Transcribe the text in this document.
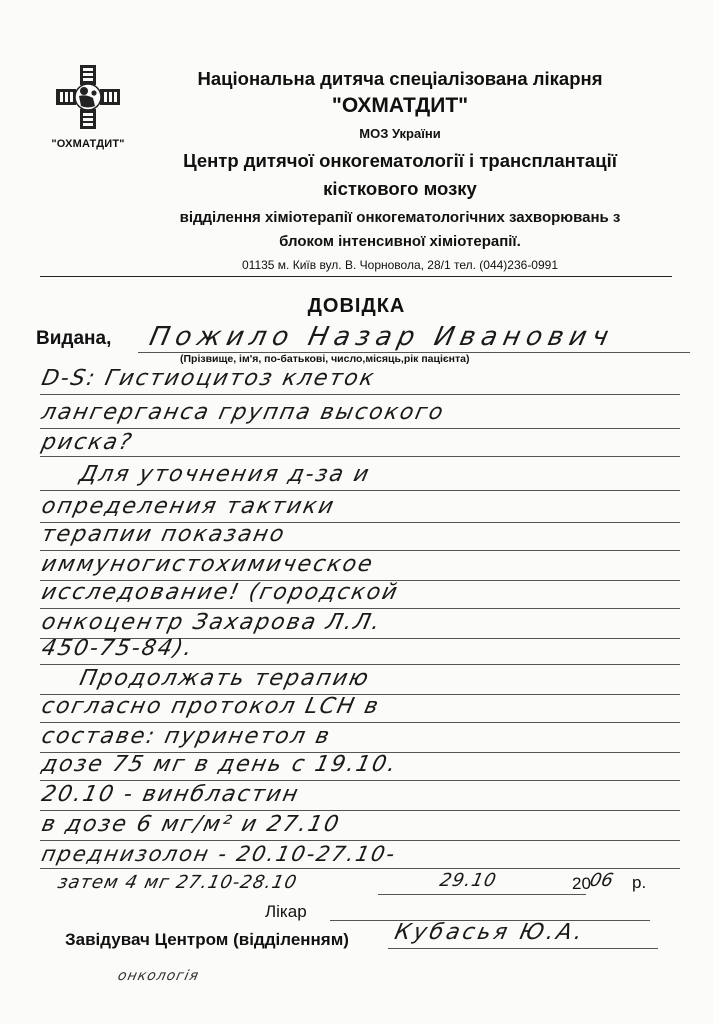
"ОХМАТДИТ"
Національна дитяча спеціалізована лікарня
"ОХМАТДИТ"
МОЗ України
Центр дитячої онкогематології і трансплантації
кісткового мозку
відділення хіміотерапії онкогематологічних захворювань з
блоком інтенсивної хіміотерапії.
01135 м. Київ вул. В. Чорновола, 28/1 тел. (044)236-0991
ДОВІДКА
Видана, Пожило Назар Иванович
(Прізвище, ім'я, по-батькові, число,місяць,рік пацієнта)
D-S: Гистиоцитоз клеток
лангерганса группа высокого
риска?
Для уточнения д-за и
определения тактики
терапии показано
иммуногистохимическое
исследование! (городской
онкоцентр Захарова Л.Л.
450-75-84).
Продолжать терапию
согласно протокол LCH в
составе: пуринетол в
дозе 75 мг в день с 19.10.
20.10 - винбластин
в дозе 6 мг/м² и 27.10
преднизолон - 20.10-27.10-
затем 4 мг 27.10-28.10	29.10	20
06 р.
Лікар
Завідувач Центром (відділенням) Кубасья Ю.А.
онкологія
